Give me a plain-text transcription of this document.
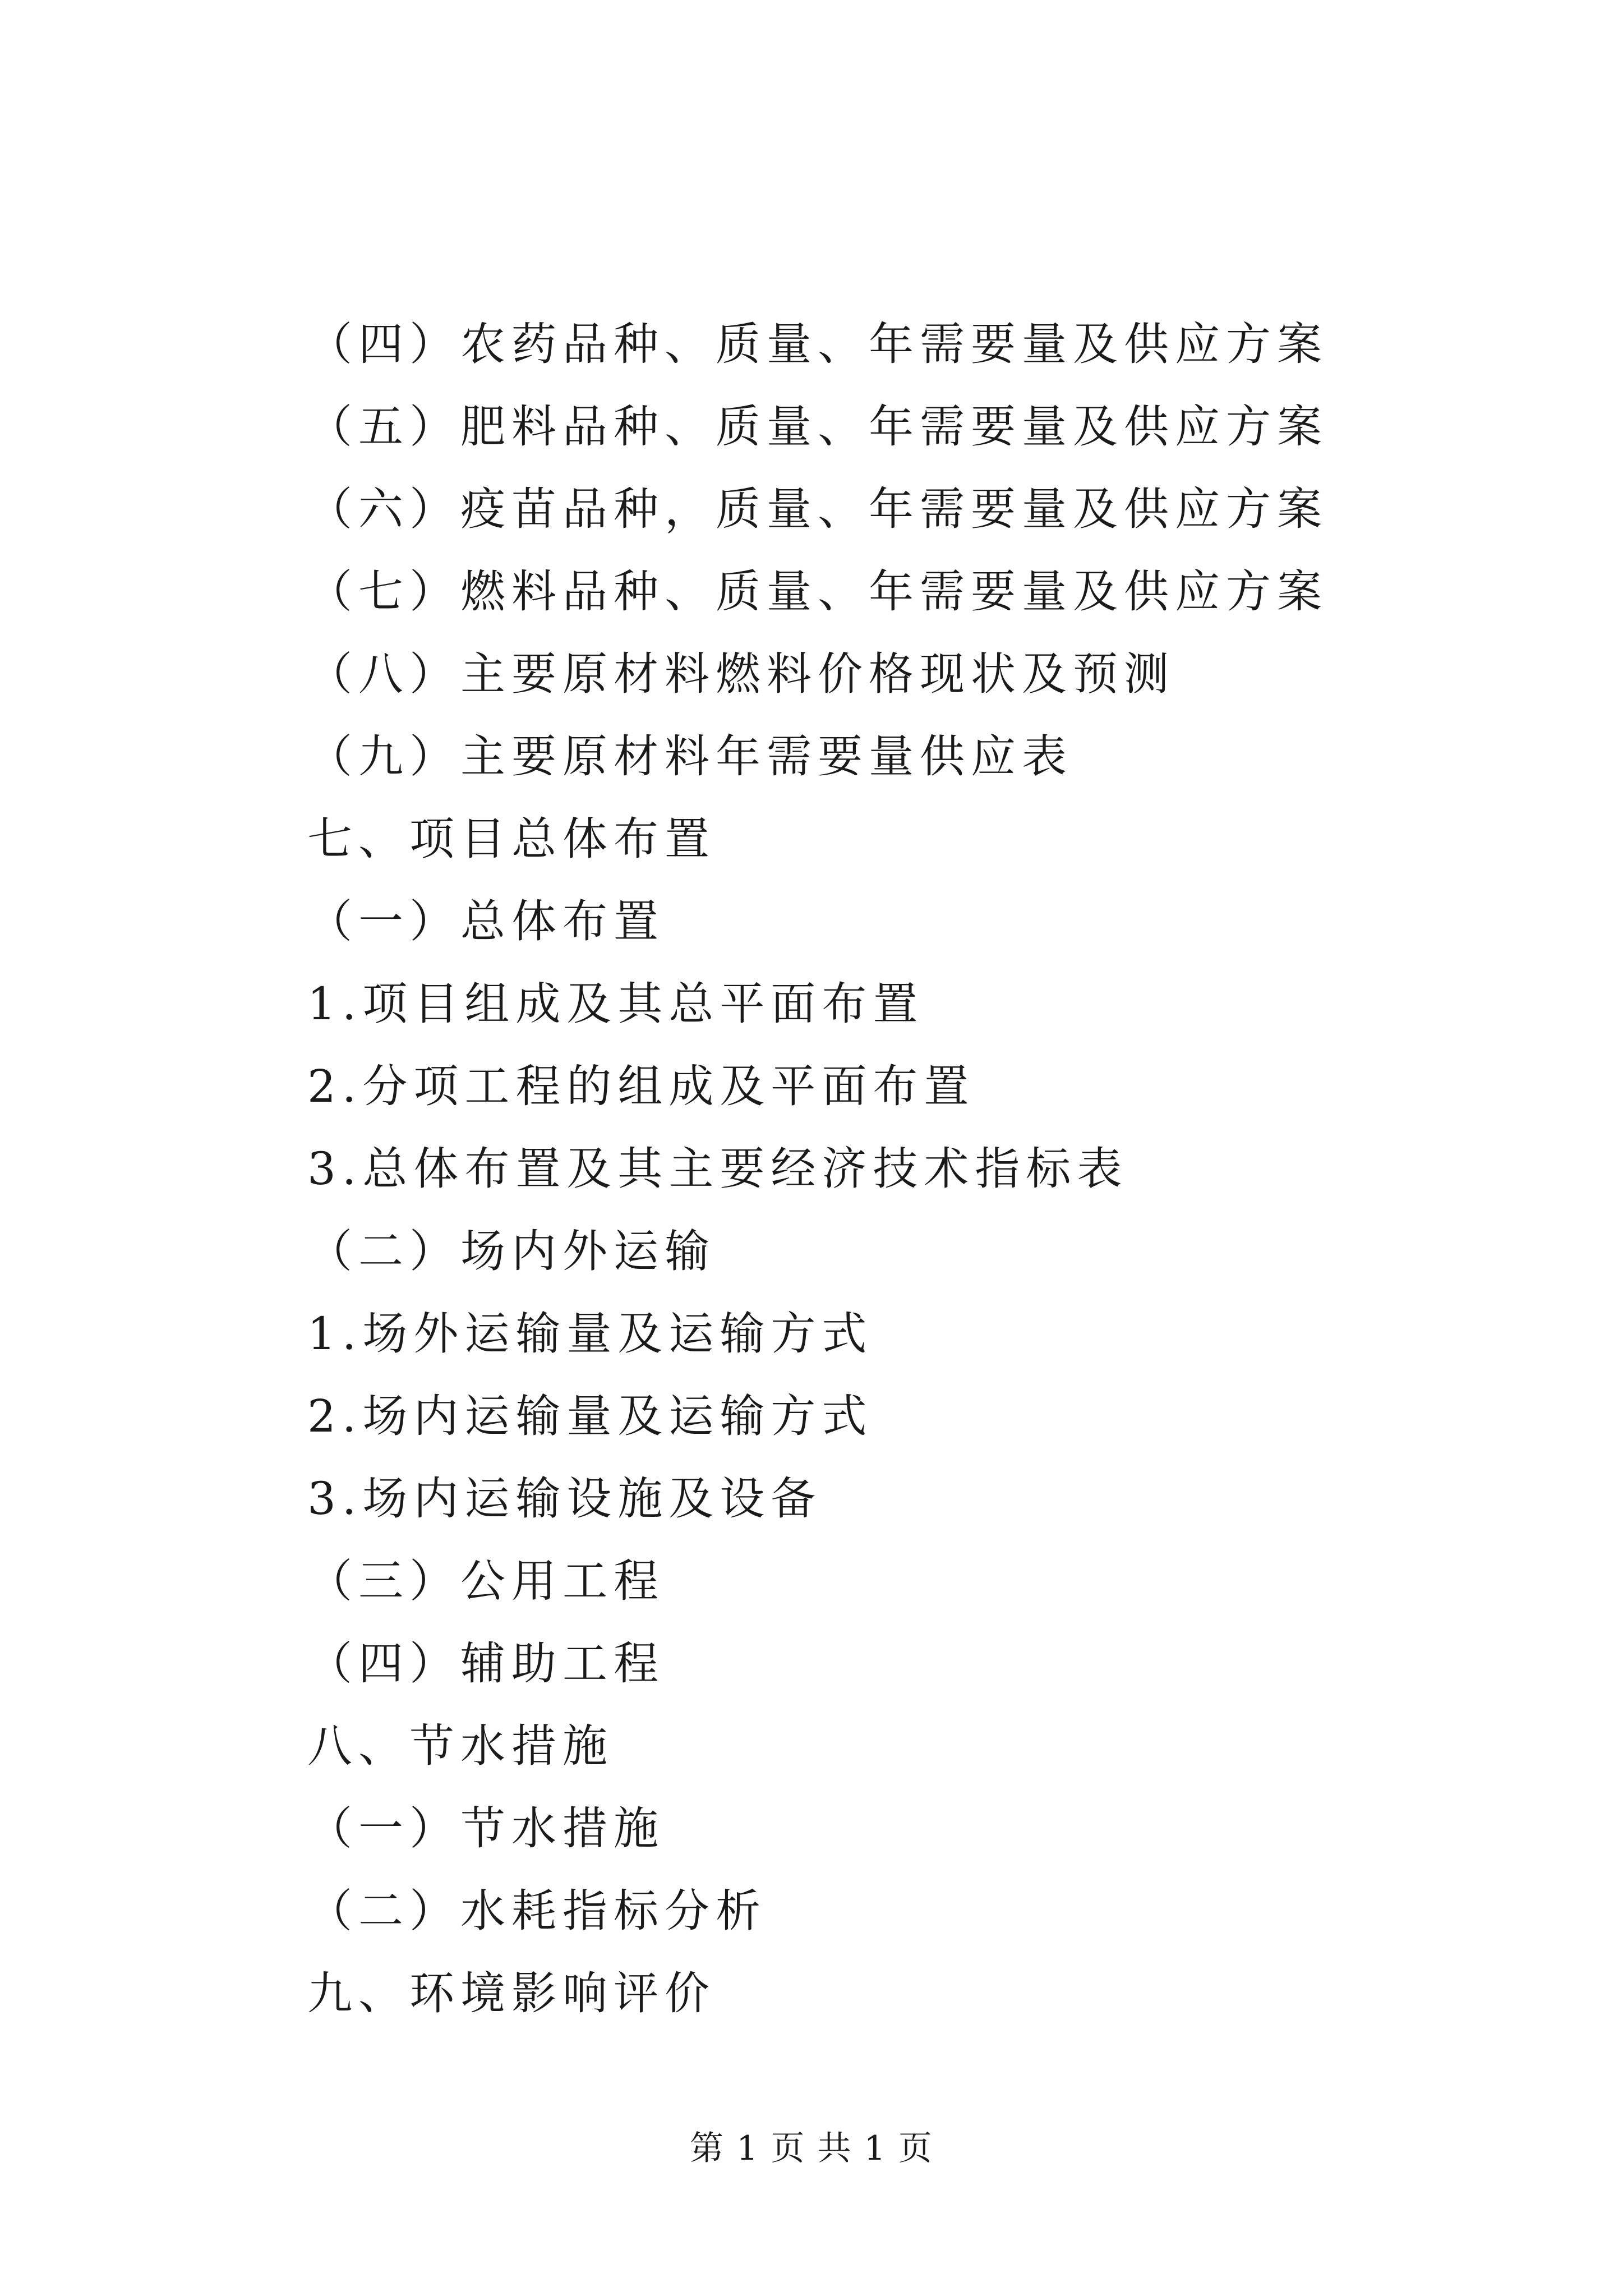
（四）农药品种、质量、年需要量及供应方案
（五）肥料品种、质量、年需要量及供应方案
（六）疫苗品种，质量、年需要量及供应方案
（七）燃料品种、质量、年需要量及供应方案
（八）主要原材料燃料价格现状及预测
（九）主要原材料年需要量供应表
七、项目总体布置
（一）总体布置
1.项目组成及其总平面布置
2.分项工程的组成及平面布置
3.总体布置及其主要经济技术指标表
（二）场内外运输
1.场外运输量及运输方式
2.场内运输量及运输方式
3.场内运输设施及设备
（三）公用工程
（四）辅助工程
八、节水措施
（一）节水措施
（二）水耗指标分析
九、环境影响评价
第 1 页 共 1 页
